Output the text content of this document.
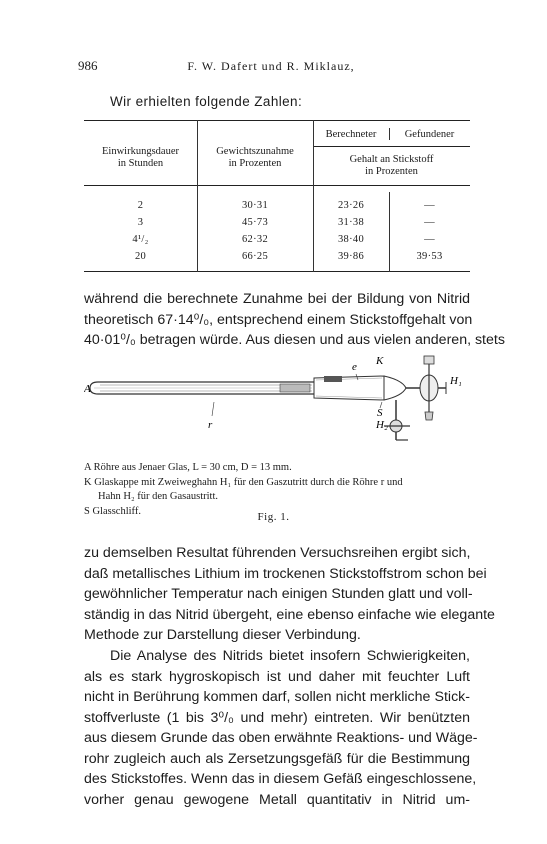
986	F. W. Dafert und R. Miklauz,
Wir erhielten folgende Zahlen:
Einwirkungsdauer
in Stunden
Gewichtszunahme
in Prozenten
Berechneter	Gefundener
Gehalt an Stickstoff
in Prozenten
2	30·31	23·26	—
3	45·73	31·38	—
4¹/₂	62·32	38·40	—
20	66·25	39·86	39·53

während die berechnete Zunahme bei der Bildung von Nitrid
theoretisch 67·14⁰/₀, entsprechend einem Stickstoffgehalt von
40·01⁰/₀ betragen würde. Aus diesen und aus vielen anderen, stets

A
r
K
e
H₁
H₂
S
A Röhre aus Jenaer Glas, L = 30 cm, D = 13 mm.
K Glaskappe mit Zweiweghahn H₁ für den Gaszutritt durch die Röhre r und
Hahn H₂ für den Gasaustritt.
S Glasschliff.	Fig. 1.

zu demselben Resultat führenden Versuchsreihen ergibt sich,
daß metallisches Lithium im trockenen Stickstoffstrom schon bei
gewöhnlicher Temperatur nach einigen Stunden glatt und voll-
ständig in das Nitrid übergeht, eine ebenso einfache wie elegante
Methode zur Darstellung dieser Verbindung.

Die Analyse des Nitrids bietet insofern Schwierigkeiten,
als es stark hygroskopisch ist und daher mit feuchter Luft
nicht in Berührung kommen darf, sollen nicht merkliche Stick-
stoffverluste (1 bis 3⁰/₀ und mehr) eintreten. Wir benützten
aus diesem Grunde das oben erwähnte Reaktions- und Wäge-
rohr zugleich auch als Zersetzungsgefäß für die Bestimmung
des Stickstoffes. Wenn das in diesem Gefäß eingeschlossene,
vorher genau gewogene Metall quantitativ in Nitrid um-
